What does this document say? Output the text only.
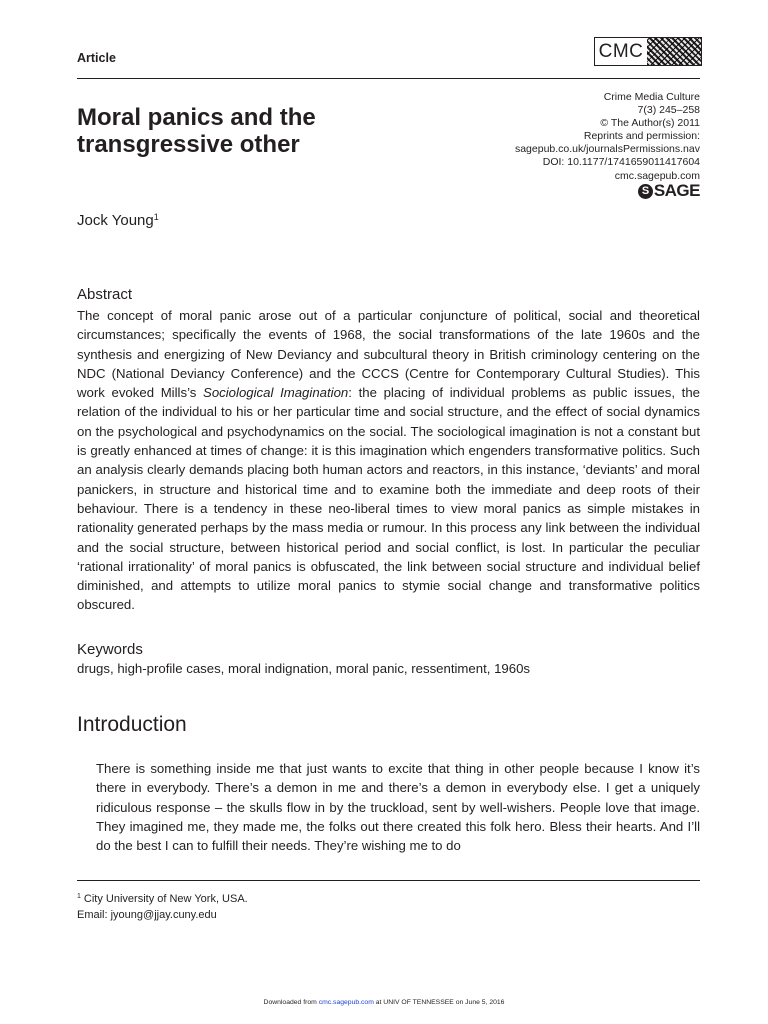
Article	CMC
Moral panics and the
transgressive other
Crime Media Culture
7(3) 245–258
© The Author(s) 2011
Reprints and permission:
sagepub.co.uk/journalsPermissions.nav
DOI: 10.1177/1741659011417604
cmc.sagepub.com
S SAGE
Jock Young$^1$
Abstract
The concept of moral panic arose out of a particular conjuncture of political, social and theoretical circumstances; specifically the events of 1968, the social transformations of the late 1960s and the synthesis and energizing of New Deviancy and subcultural theory in British criminology centering on the NDC (National Deviancy Conference) and the CCCS (Centre for Contemporary Cultural Studies). This work evoked Mills’s Sociological Imagination: the placing of individual problems as public issues, the relation of the individual to his or her particular time and social structure, and the effect of social dynamics on the psychological and psychodynamics on the social. The sociological imagination is not a constant but is greatly enhanced at times of change: it is this imagination which engenders transformative politics. Such an analysis clearly demands placing both human actors and reactors, in this instance, ‘deviants’ and moral panickers, in structure and historical time and to examine both the immediate and deep roots of their behaviour. There is a tendency in these neo-liberal times to view moral panics as simple mistakes in rationality generated perhaps by the mass media or rumour. In this process any link between the individual and the social structure, between historical period and social conflict, is lost. In particular the peculiar ‘rational irrationality’ of moral panics is obfuscated, the link between social structure and individual belief diminished, and attempts to utilize moral panics to stymie social change and transformative politics obscured.
Keywords
drugs, high-profile cases, moral indignation, moral panic, ressentiment, 1960s
Introduction
There is something inside me that just wants to excite that thing in other people because I know it’s there in everybody. There’s a demon in me and there’s a demon in everybody else. I get a uniquely ridiculous response – the skulls flow in by the truckload, sent by well-wishers. People love that image. They imagined me, they made me, the folks out there created this folk hero. Bless their hearts. And I’ll do the best I can to fulfill their needs. They’re wishing me to do
$^1$ City University of New York, USA.
Email: jyoung@jjay.cuny.edu
Downloaded from cmc.sagepub.com at UNIV OF TENNESSEE on June 5, 2016
